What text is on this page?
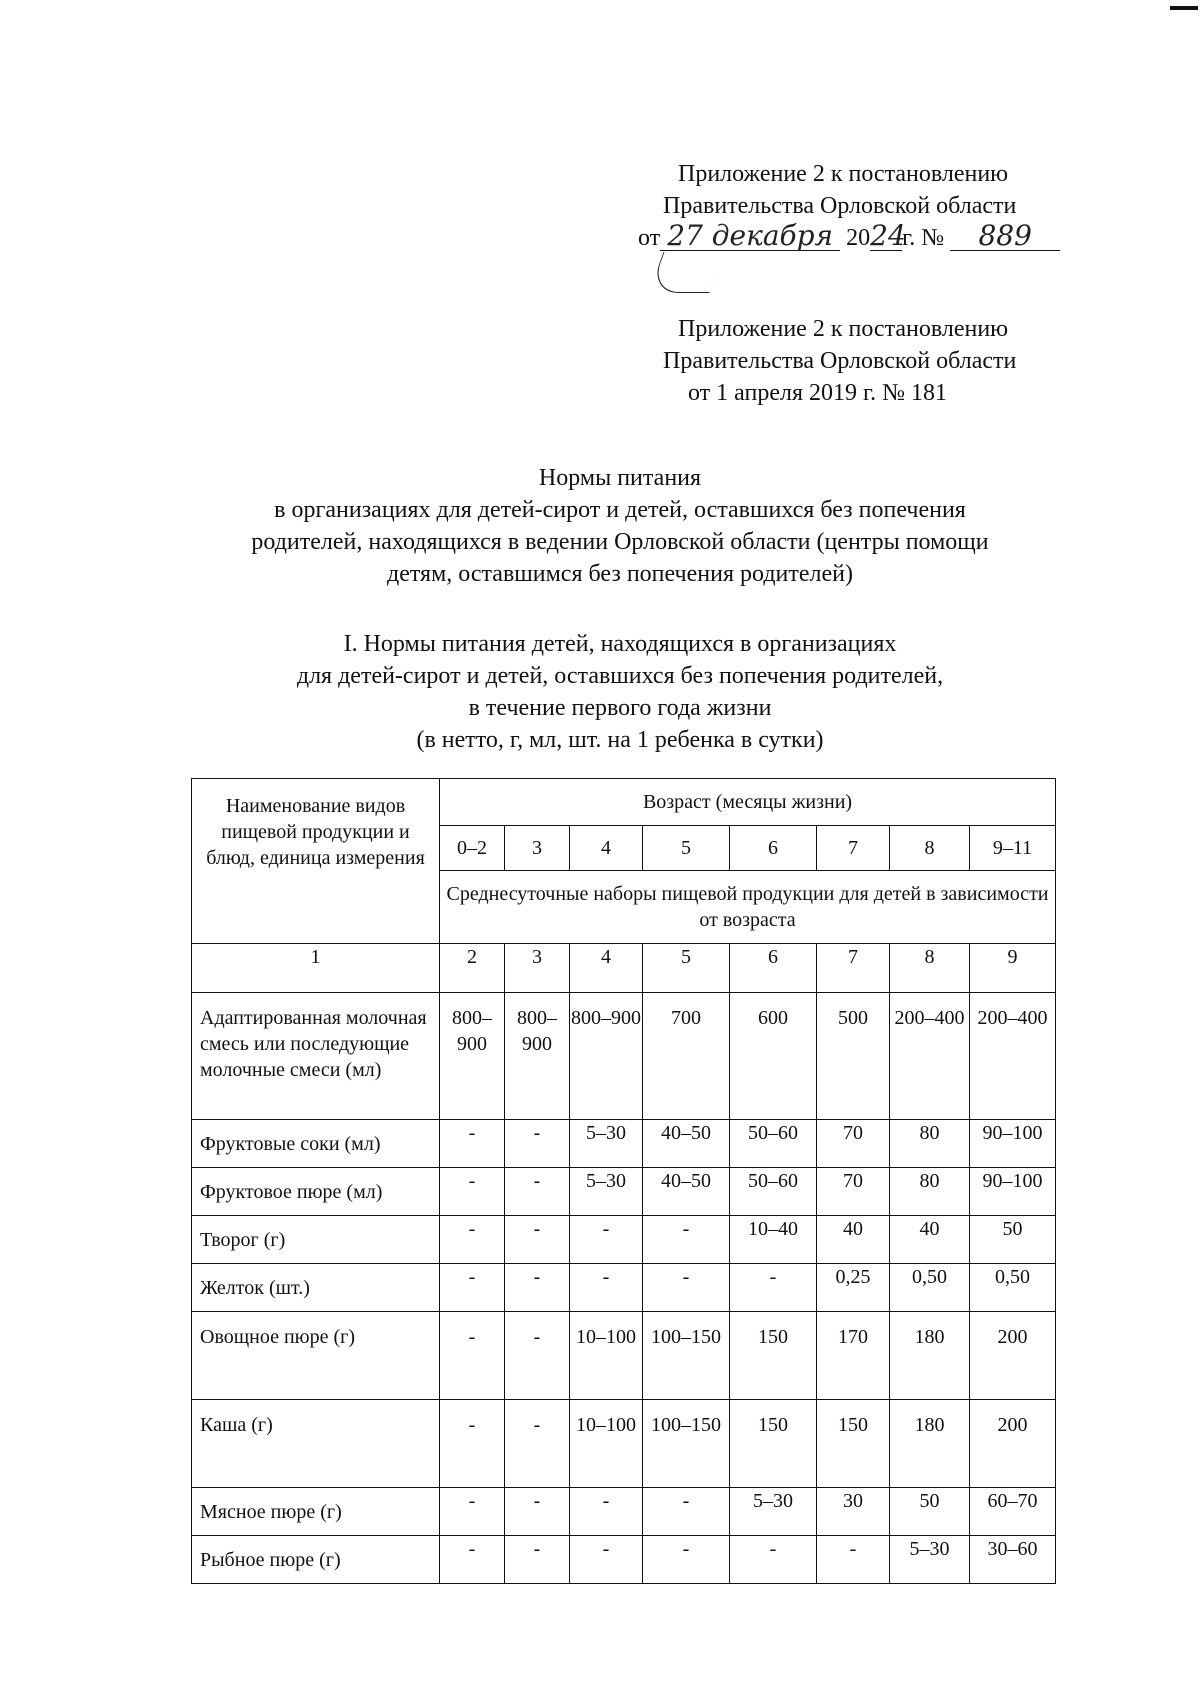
Приложение 2 к постановлению
Правительства Орловской области
от 27 декабря 2024г. № 889
Приложение 2 к постановлению
Правительства Орловской области
от 1 апреля 2019 г. № 181
Нормы питания
в организациях для детей-сирот и детей, оставшихся без попечения
родителей, находящихся в ведении Орловской области (центры помощи
детям, оставшимся без попечения родителей)
I. Нормы питания детей, находящихся в организациях
для детей-сирот и детей, оставшихся без попечения родителей,
в течение первого года жизни
(в нетто, г, мл, шт. на 1 ребенка в сутки)
Наименование видов пищевой продукции и блюд, единица измерения	Возраст (месяцы жизни)							
	0–2	3	4	5	6	7	8	9–11
	Среднесуточные наборы пищевой продукции для детей в зависимости от возраста							
1	2	3	4	5	6	7	8	9
Адаптированная молочная смесь или последующие молочные смеси (мл)	800–900	800–900	800–900	700	600	500	200–400	200–400
Фруктовые соки (мл)	-	-	5–30	40–50	50–60	70	80	90–100
Фруктовое пюре (мл)	-	-	5–30	40–50	50–60	70	80	90–100
Творог (г)	-	-	-	-	10–40	40	40	50
Желток (шт.)	-	-	-	-	-	0,25	0,50	0,50
Овощное пюре (г)	-	-	10–100	100–150	150	170	180	200
Каша (г)	-	-	10–100	100–150	150	150	180	200
Мясное пюре (г)	-	-	-	-	5–30	30	50	60–70
Рыбное пюре (г)	-	-	-	-	-	-	5–30	30–60
